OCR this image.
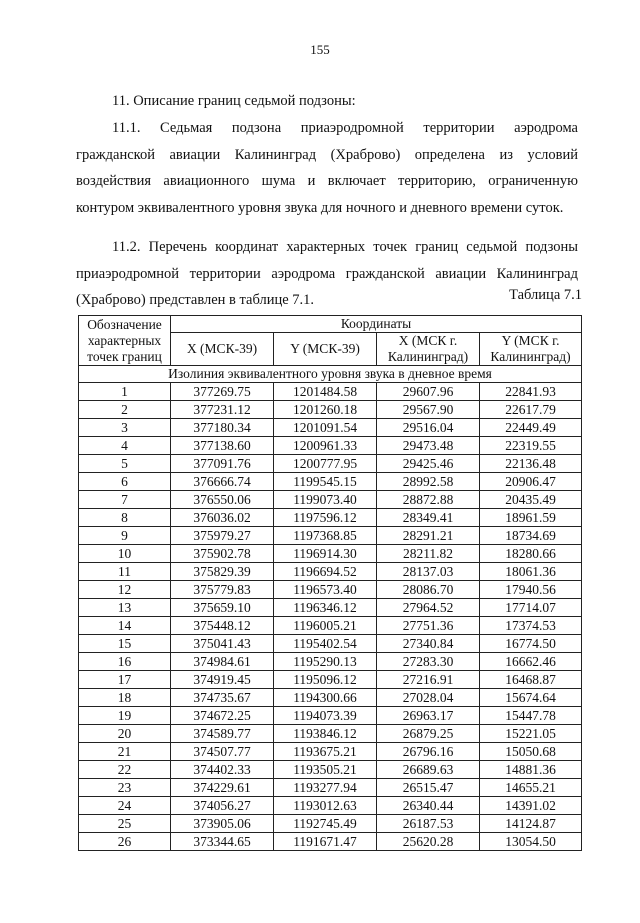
155
11. Описание границ седьмой подзоны:
11.1. Седьмая подзона приаэродромной территории аэродрома гражданской авиации Калининград (Храброво) определена из условий воздействия авиационного шума и включает территорию, ограниченную контуром эквивалентного уровня звука для ночного и дневного времени суток.
11.2. Перечень координат характерных точек границ седьмой подзоны приаэродромной территории аэродрома гражданской авиации Калининград (Храброво) представлен в таблице 7.1.	Таблица 7.1
Обозначение характерных точек границ	Координаты			
	X (МСК-39)	Y (МСК-39)	X (МСК г. Калининград)	Y (МСК г. Калининград)
Изолиния эквивалентного уровня звука в дневное время				
1	377269.75	1201484.58	29607.96	22841.93
2	377231.12	1201260.18	29567.90	22617.79
3	377180.34	1201091.54	29516.04	22449.49
4	377138.60	1200961.33	29473.48	22319.55
5	377091.76	1200777.95	29425.46	22136.48
6	376666.74	1199545.15	28992.58	20906.47
7	376550.06	1199073.40	28872.88	20435.49
8	376036.02	1197596.12	28349.41	18961.59
9	375979.27	1197368.85	28291.21	18734.69
10	375902.78	1196914.30	28211.82	18280.66
11	375829.39	1196694.52	28137.03	18061.36
12	375779.83	1196573.40	28086.70	17940.56
13	375659.10	1196346.12	27964.52	17714.07
14	375448.12	1196005.21	27751.36	17374.53
15	375041.43	1195402.54	27340.84	16774.50
16	374984.61	1195290.13	27283.30	16662.46
17	374919.45	1195096.12	27216.91	16468.87
18	374735.67	1194300.66	27028.04	15674.64
19	374672.25	1194073.39	26963.17	15447.78
20	374589.77	1193846.12	26879.25	15221.05
21	374507.77	1193675.21	26796.16	15050.68
22	374402.33	1193505.21	26689.63	14881.36
23	374229.61	1193277.94	26515.47	14655.21
24	374056.27	1193012.63	26340.44	14391.02
25	373905.06	1192745.49	26187.53	14124.87
26	373344.65	1191671.47	25620.28	13054.50
